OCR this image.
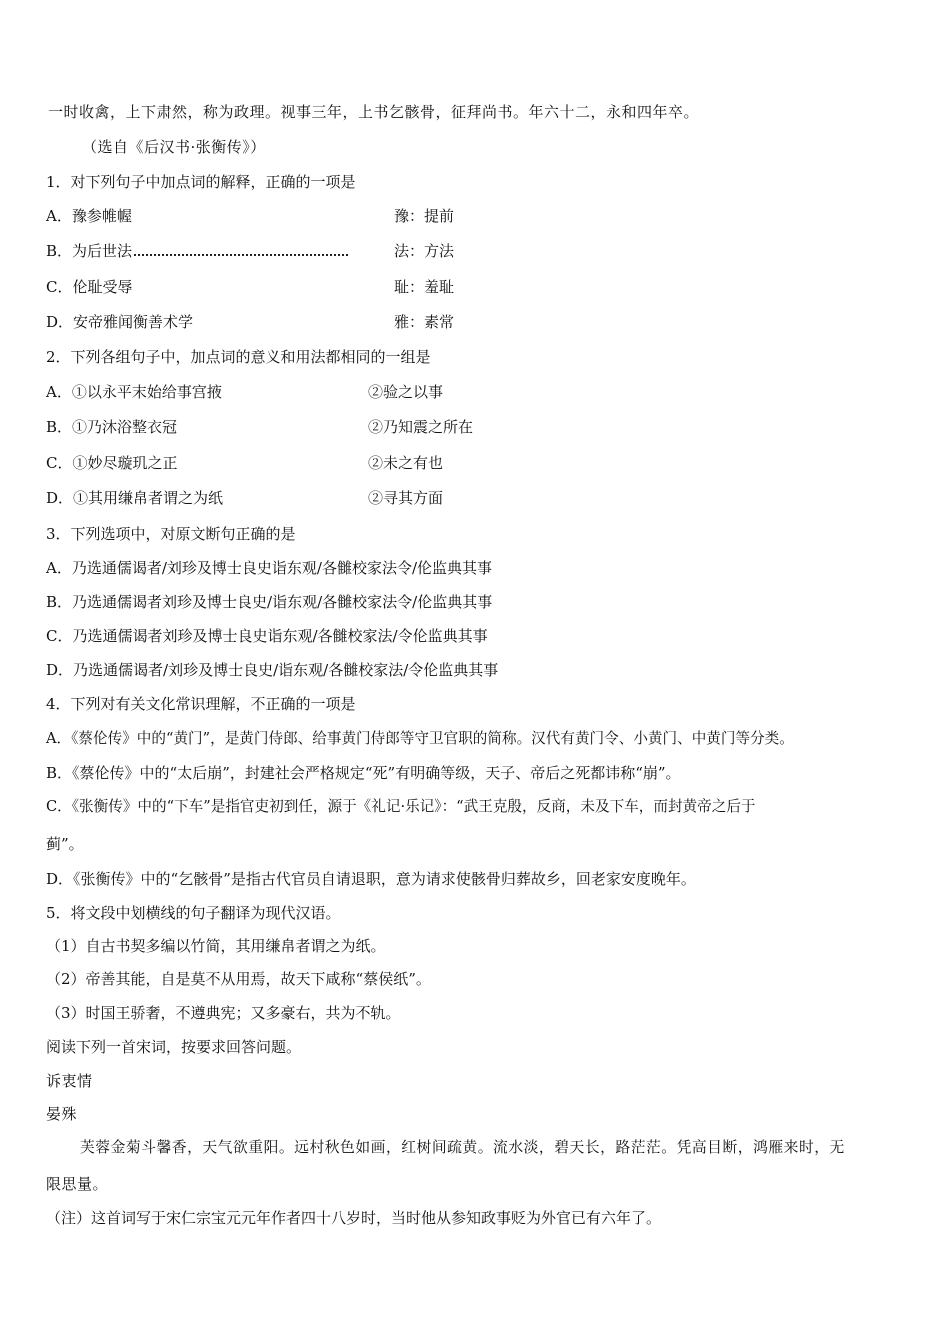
一时收禽，上下肃然，称为政理。视事三年，上书乞骸骨，征拜尚书。年六十二，永和四年卒。
（选自《后汉书·张衡传》）
1．对下列句子中加点词的解释，正确的一项是
A．豫参帷幄	豫：提前
B．为后世法	法：方法
C．伦耻受辱	耻：羞耻
D．安帝雅闻衡善术学	雅：素常
2．下列各组句子中，加点词的意义和用法都相同的一组是
A．①以永平末始给事宫掖	②验之以事
B．①乃沐浴整衣冠	②乃知震之所在
C．①妙尽璇玑之正	②未之有也
D．①其用缣帛者谓之为纸	②寻其方面
3．下列选项中，对原文断句正确的是
A．乃选通儒谒者/刘珍及博士良史诣东观/各雠校家法令/伦监典其事
B．乃选通儒谒者刘珍及博士良史/诣东观/各雠校家法令/伦监典其事
C．乃选通儒谒者刘珍及博士良史诣东观/各雠校家法/令伦监典其事
D．乃选通儒谒者/刘珍及博士良史/诣东观/各雠校家法/令伦监典其事
4．下列对有关文化常识理解，不正确的一项是
A．《蔡伦传》中的“黄门”，是黄门侍郎、给事黄门侍郎等守卫官职的简称。汉代有黄门令、小黄门、中黄门等分类。
B．《蔡伦传》中的“太后崩”，封建社会严格规定“死”有明确等级，天子、帝后之死都讳称“崩”。
C．《张衡传》中的“下车”是指官吏初到任，源于《礼记·乐记》：“武王克殷，反商，未及下车，而封黄帝之后于
蓟”。
D．《张衡传》中的“乞骸骨”是指古代官员自请退职，意为请求使骸骨归葬故乡，回老家安度晚年。
5．将文段中划横线的句子翻译为现代汉语。
（1）自古书契多编以竹简，其用缣帛者谓之为纸。
（2）帝善其能，自是莫不从用焉，故天下咸称“蔡侯纸”。
（3）时国王骄奢，不遵典宪；又多豪右，共为不轨。
阅读下列一首宋词，按要求回答问题。
诉衷情
晏殊
芙蓉金菊斗馨香，天气欲重阳。远村秋色如画，红树间疏黄。流水淡，碧天长，路茫茫。凭高目断，鸿雁来时，无
限思量。
（注）这首词写于宋仁宗宝元元年作者四十八岁时，当时他从参知政事贬为外官已有六年了。
